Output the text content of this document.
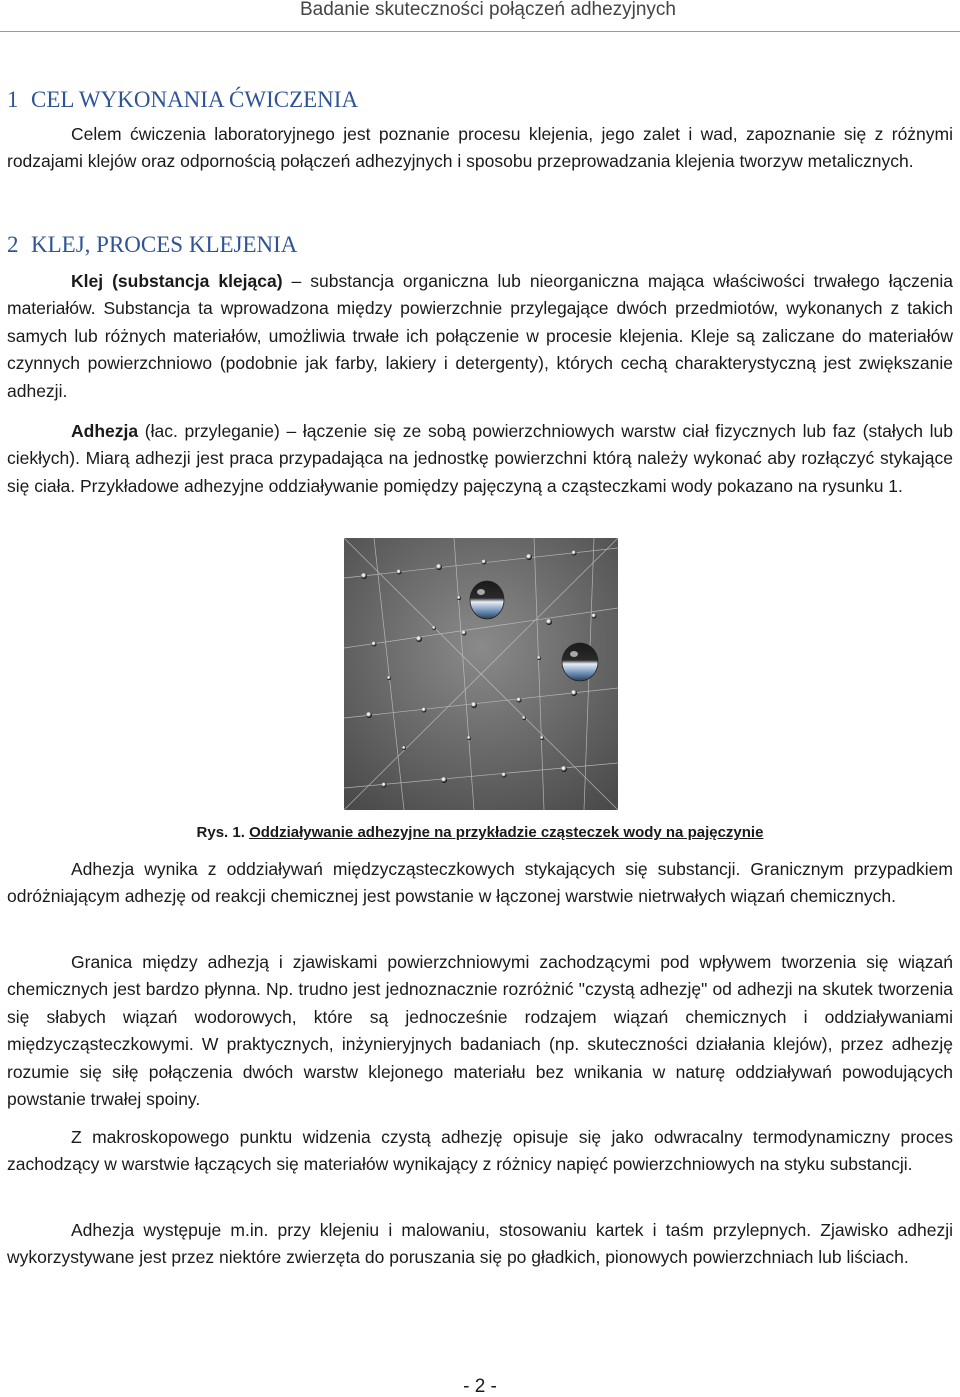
Badanie skuteczności połączeń adhezyjnych
1 CEL WYKONANIA ĆWICZENIA

Celem ćwiczenia laboratoryjnego jest poznanie procesu klejenia, jego zalet i wad, zapoznanie się z różnymi rodzajami klejów oraz odpornością połączeń adhezyjnych i sposobu przeprowadzania klejenia tworzyw metalicznych.

2 KLEJ, PROCES KLEJENIA

Klej (substancja klejąca) – substancja organiczna lub nieorganiczna mająca właściwości trwałego łączenia materiałów. Substancja ta wprowadzona między powierzchnie przylegające dwóch przedmiotów, wykonanych z takich samych lub różnych materiałów, umożliwia trwałe ich połączenie w procesie klejenia. Kleje są zaliczane do materiałów czynnych powierzchniowo (podobnie jak farby, lakiery i detergenty), których cechą charakterystyczną jest zwiększanie adhezji.

Adhezja (łac. przyleganie) – łączenie się ze sobą powierzchniowych warstw ciał fizycznych lub faz (stałych lub ciekłych). Miarą adhezji jest praca przypadająca na jednostkę powierzchni którą należy wykonać aby rozłączyć stykające się ciała. Przykładowe adhezyjne oddziaływanie pomiędzy pajęczyną a cząsteczkami wody pokazano na rysunku 1.

Adhezja wynika z oddziaływań międzycząsteczkowych stykających się substancji. Granicznym przypadkiem odróżniającym adhezję od reakcji chemicznej jest powstanie w łączonej warstwie nietrwałych wiązań chemicznych.

Granica między adhezją i zjawiskami powierzchniowymi zachodzącymi pod wpływem tworzenia się wiązań chemicznych jest bardzo płynna. Np. trudno jest jednoznacznie rozróżnić "czystą adhezję" od adhezji na skutek tworzenia się słabych wiązań wodorowych, które są jednocześnie rodzajem wiązań chemicznych i oddziaływaniami międzycząsteczkowymi. W praktycznych, inżynieryjnych badaniach (np. skuteczności działania klejów), przez adhezję rozumie się siłę połączenia dwóch warstw klejonego materiału bez wnikania w naturę oddziaływań powodujących powstanie trwałej spoiny.

Z makroskopowego punktu widzenia czystą adhezję opisuje się jako odwracalny termodynamiczny proces zachodzący w warstwie łączących się materiałów wynikający z różnicy napięć powierzchniowych na styku substancji.

Adhezja występuje m.in. przy klejeniu i malowaniu, stosowaniu kartek i taśm przylepnych. Zjawisko adhezji wykorzystywane jest przez niektóre zwierzęta do poruszania się po gładkich, pionowych powierzchniach lub liściach.

Rys. 1. Oddziaływanie adhezyjne na przykładzie cząsteczek wody na pajęczynie
- 2 -
